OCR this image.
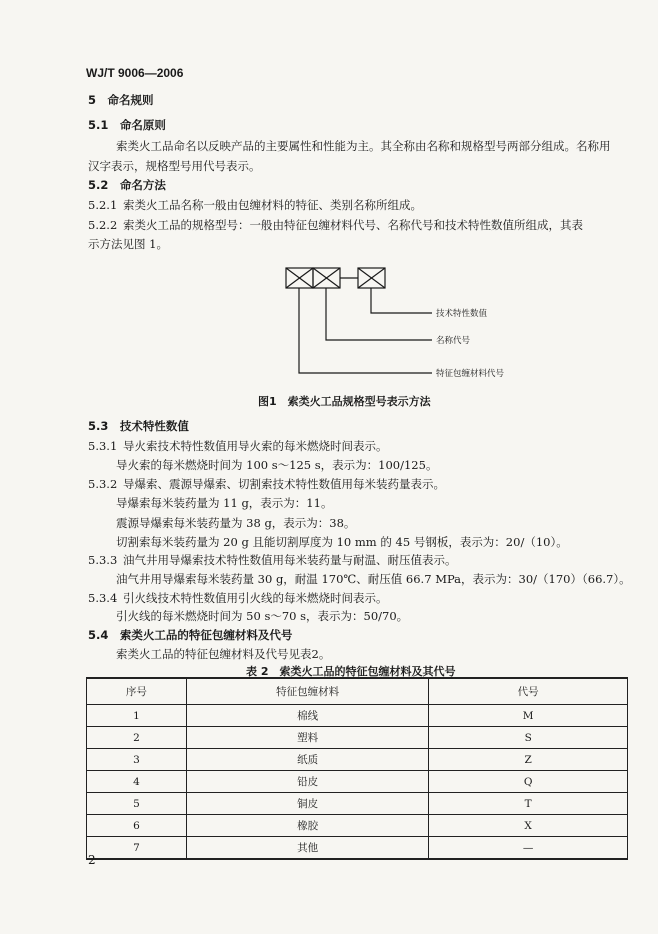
WJ/T 9006—2006
5  命名规则
5.1  命名原则
索类火工品命名以反映产品的主要属性和性能为主。其全称由名称和规格型号两部分组成。名称用
汉字表示，规格型号用代号表示。
5.2  命名方法
5.2.1  索类火工品名称一般由包缠材料的特征、类别名称所组成。
5.2.2  索类火工品的规格型号：一般由特征包缠材料代号、名称代号和技术特性数值所组成，其表
示方法见图 1。
技术特性数值
名称代号
特征包缠材料代号
图1　索类火工品规格型号表示方法
5.3  技术特性数值
5.3.1  导火索技术特性数值用导火索的每米燃烧时间表示。
导火索的每米燃烧时间为 100 s～125 s，表示为：100/125。
5.3.2  导爆索、震源导爆索、切割索技术特性数值用每米装药量表示。
导爆索每米装药量为 11 g，表示为：11。
震源导爆索每米装药量为 38 g，表示为：38。
切割索每米装药量为 20 g 且能切割厚度为 10 mm 的 45 号钢板，表示为：20/（10）。
5.3.3  油气井用导爆索技术特性数值用每米装药量与耐温、耐压值表示。
油气井用导爆索每米装药量 30 g，耐温 170℃、耐压值 66.7 MPa，表示为：30/（170）（66.7）。
5.3.4  引火线技术特性数值用引火线的每米燃烧时间表示。
引火线的每米燃烧时间为 50 s～70 s，表示为：50/70。
5.4  索类火工品的特征包缠材料及代号
索类火工品的特征包缠材料及代号见表2。
表 2　索类火工品的特征包缠材料及其代号
序号	特征包缠材料	代号
1	棉线	M
2	塑料	S
3	纸质	Z
4	铅皮	Q
5	铜皮	T
6	橡胶	X
7	其他	—
2
